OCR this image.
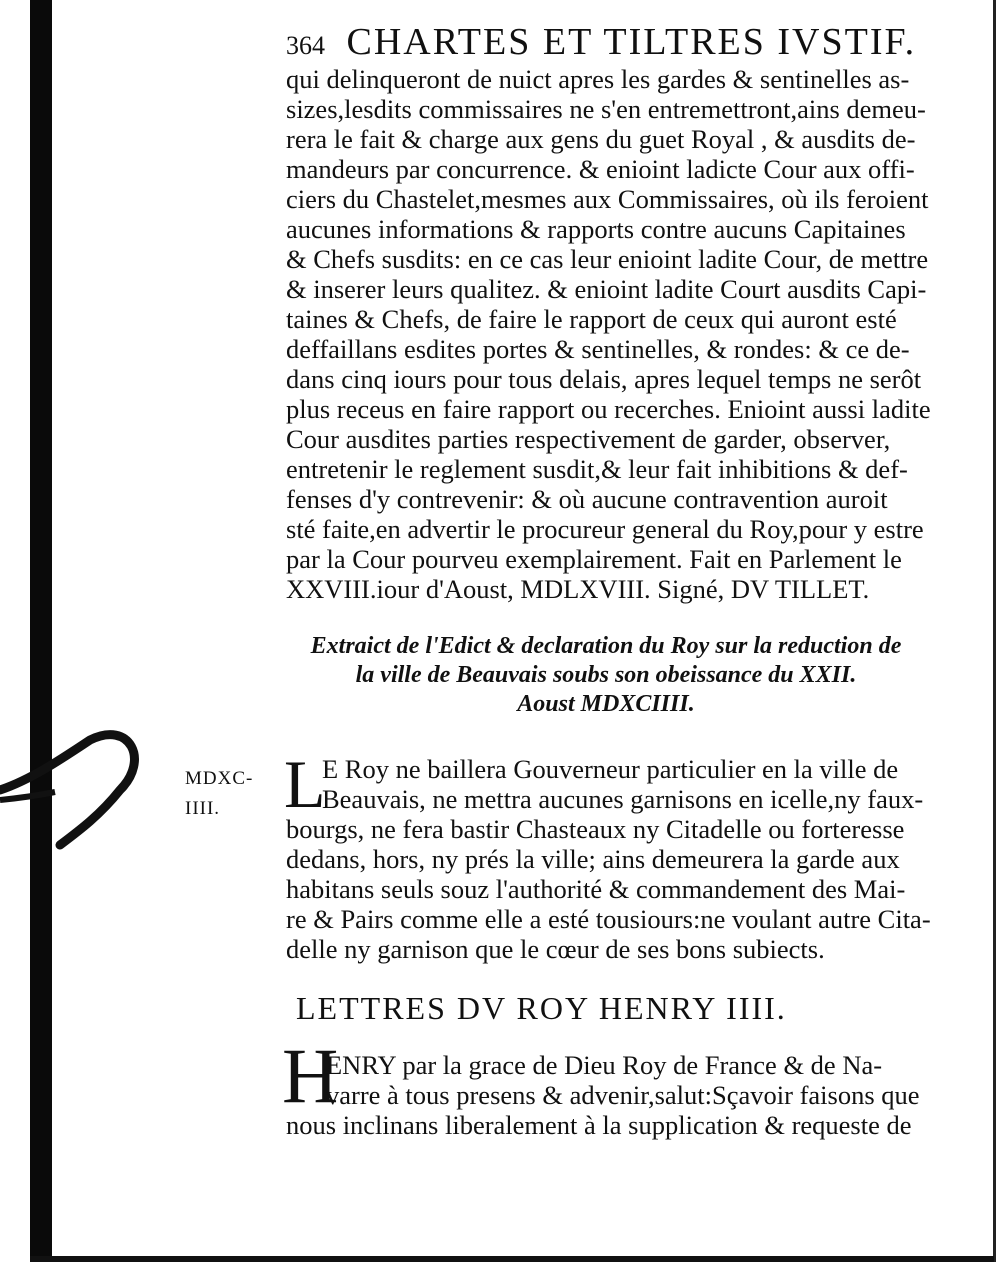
364 CHARTES ET TILTRES IVSTIF.
qui delinqueront de nuict apres les gardes & sentinelles as-
sizes,lesdits commissaires ne s'en entremettront,ains demeu-
rera le fait & charge aux gens du guet Royal , & ausdits de-
mandeurs par concurrence. & enioint ladicte Cour aux offi-
ciers du Chastelet,mesmes aux Commissaires, où ils feroient
aucunes informations & rapports contre aucuns Capitaines
& Chefs susdits: en ce cas leur enioint ladite Cour, de mettre
& inserer leurs qualitez. & enioint ladite Court ausdits Capi-
taines & Chefs, de faire le rapport de ceux qui auront esté
deffaillans esdites portes & sentinelles, & rondes: & ce de-
dans cinq iours pour tous delais, apres lequel temps ne serôt
plus receus en faire rapport ou recerches. Enioint aussi ladite
Cour ausdites parties respectivement de garder, observer,
entretenir le reglement susdit,& leur fait inhibitions & def-
fenses d'y contrevenir: & où aucune contravention auroit
sté faite,en advertir le procureur general du Roy,pour y estre
par la Cour pourveu exemplairement. Fait en Parlement le
XXVIII.iour d'Aoust, MDLXVIII. Signé, DV TILLET.
Extraict de l'Edict & declaration du Roy sur la reduction de
la ville de Beauvais soubs son obeissance du XXII.
Aoust MDXCIIII.
MDXC-
IIII. L
E Roy ne baillera Gouverneur particulier en la ville de
Beauvais, ne mettra aucunes garnisons en icelle,ny faux-
bourgs, ne fera bastir Chasteaux ny Citadelle ou forteresse
dedans, hors, ny prés la ville; ains demeurera la garde aux
habitans seuls souz l'authorité & commandement des Mai-
re & Pairs comme elle a esté tousiours:ne voulant autre Cita-
delle ny garnison que le cœur de ses bons subiects.
LETTRES DV ROY HENRY IIII.
H
ENRY par la grace de Dieu Roy de France & de Na-
varre à tous presens & advenir,salut:Sçavoir faisons que
nous inclinans liberalement à la supplication & requeste de
